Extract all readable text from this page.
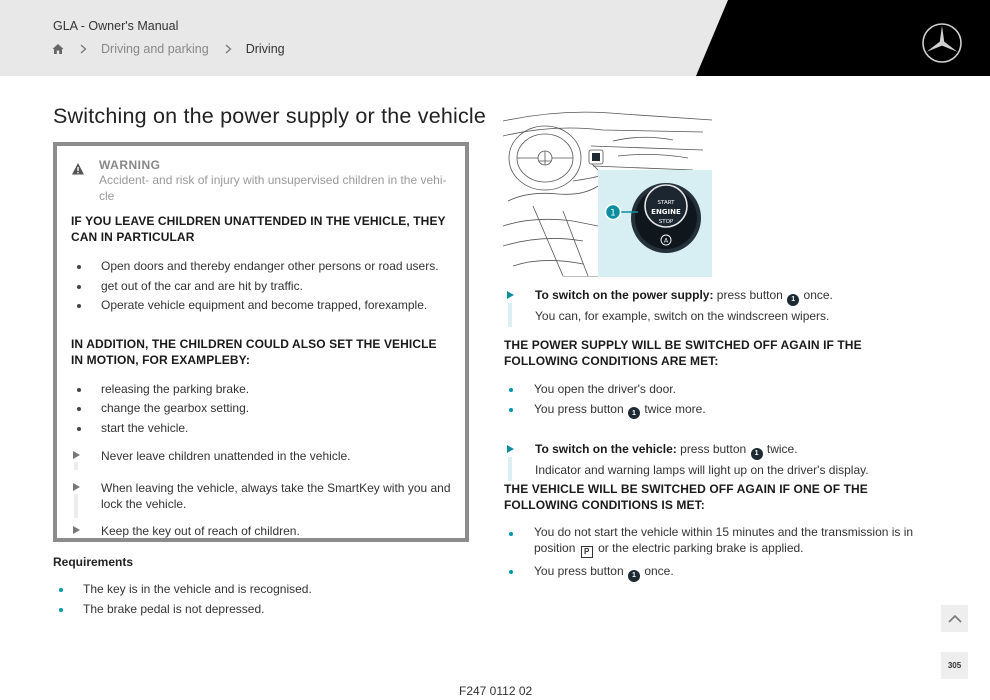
GLA - Owner's Manual
Driving and parking	Driving
Switching on the power supply or the vehicle
WARNING
Accident- and risk of injury with unsupervised children in the vehi-cle
IF YOU LEAVE CHILDREN UNATTENDED IN THE VEHICLE, THEY CAN IN PARTICULAR
Open doors and thereby endanger other persons or road users.
get out of the car and are hit by traffic.
Operate vehicle equipment and become trapped, forexample.
IN ADDITION, THE CHILDREN COULD ALSO SET THE VEHICLE IN MOTION, FOR EXAMPLEBY:
releasing the parking brake.
change the gearbox setting.
start the vehicle.
Never leave children unattended in the vehicle.
When leaving the vehicle, always take the SmartKey with you and lock the vehicle.
Keep the key out of reach of children.
Requirements
The key is in the vehicle and is recognised.
The brake pedal is not depressed.
START
ENGINE
STOP
A
1
To switch on the power supply: press button 1 once.
You can, for example, switch on the windscreen wipers.
THE POWER SUPPLY WILL BE SWITCHED OFF AGAIN IF THE FOLLOWING CONDITIONS ARE MET:
You open the driver's door.
You press button 1 twice more.
To switch on the vehicle: press button 1 twice.
Indicator and warning lamps will light up on the driver's display.
THE VEHICLE WILL BE SWITCHED OFF AGAIN IF ONE OF THE FOLLOWING CONDITIONS IS MET:
You do not start the vehicle within 15 minutes and the transmission is in
position P or the electric parking brake is applied.
You press button 1 once.
F247 0112 02
305
